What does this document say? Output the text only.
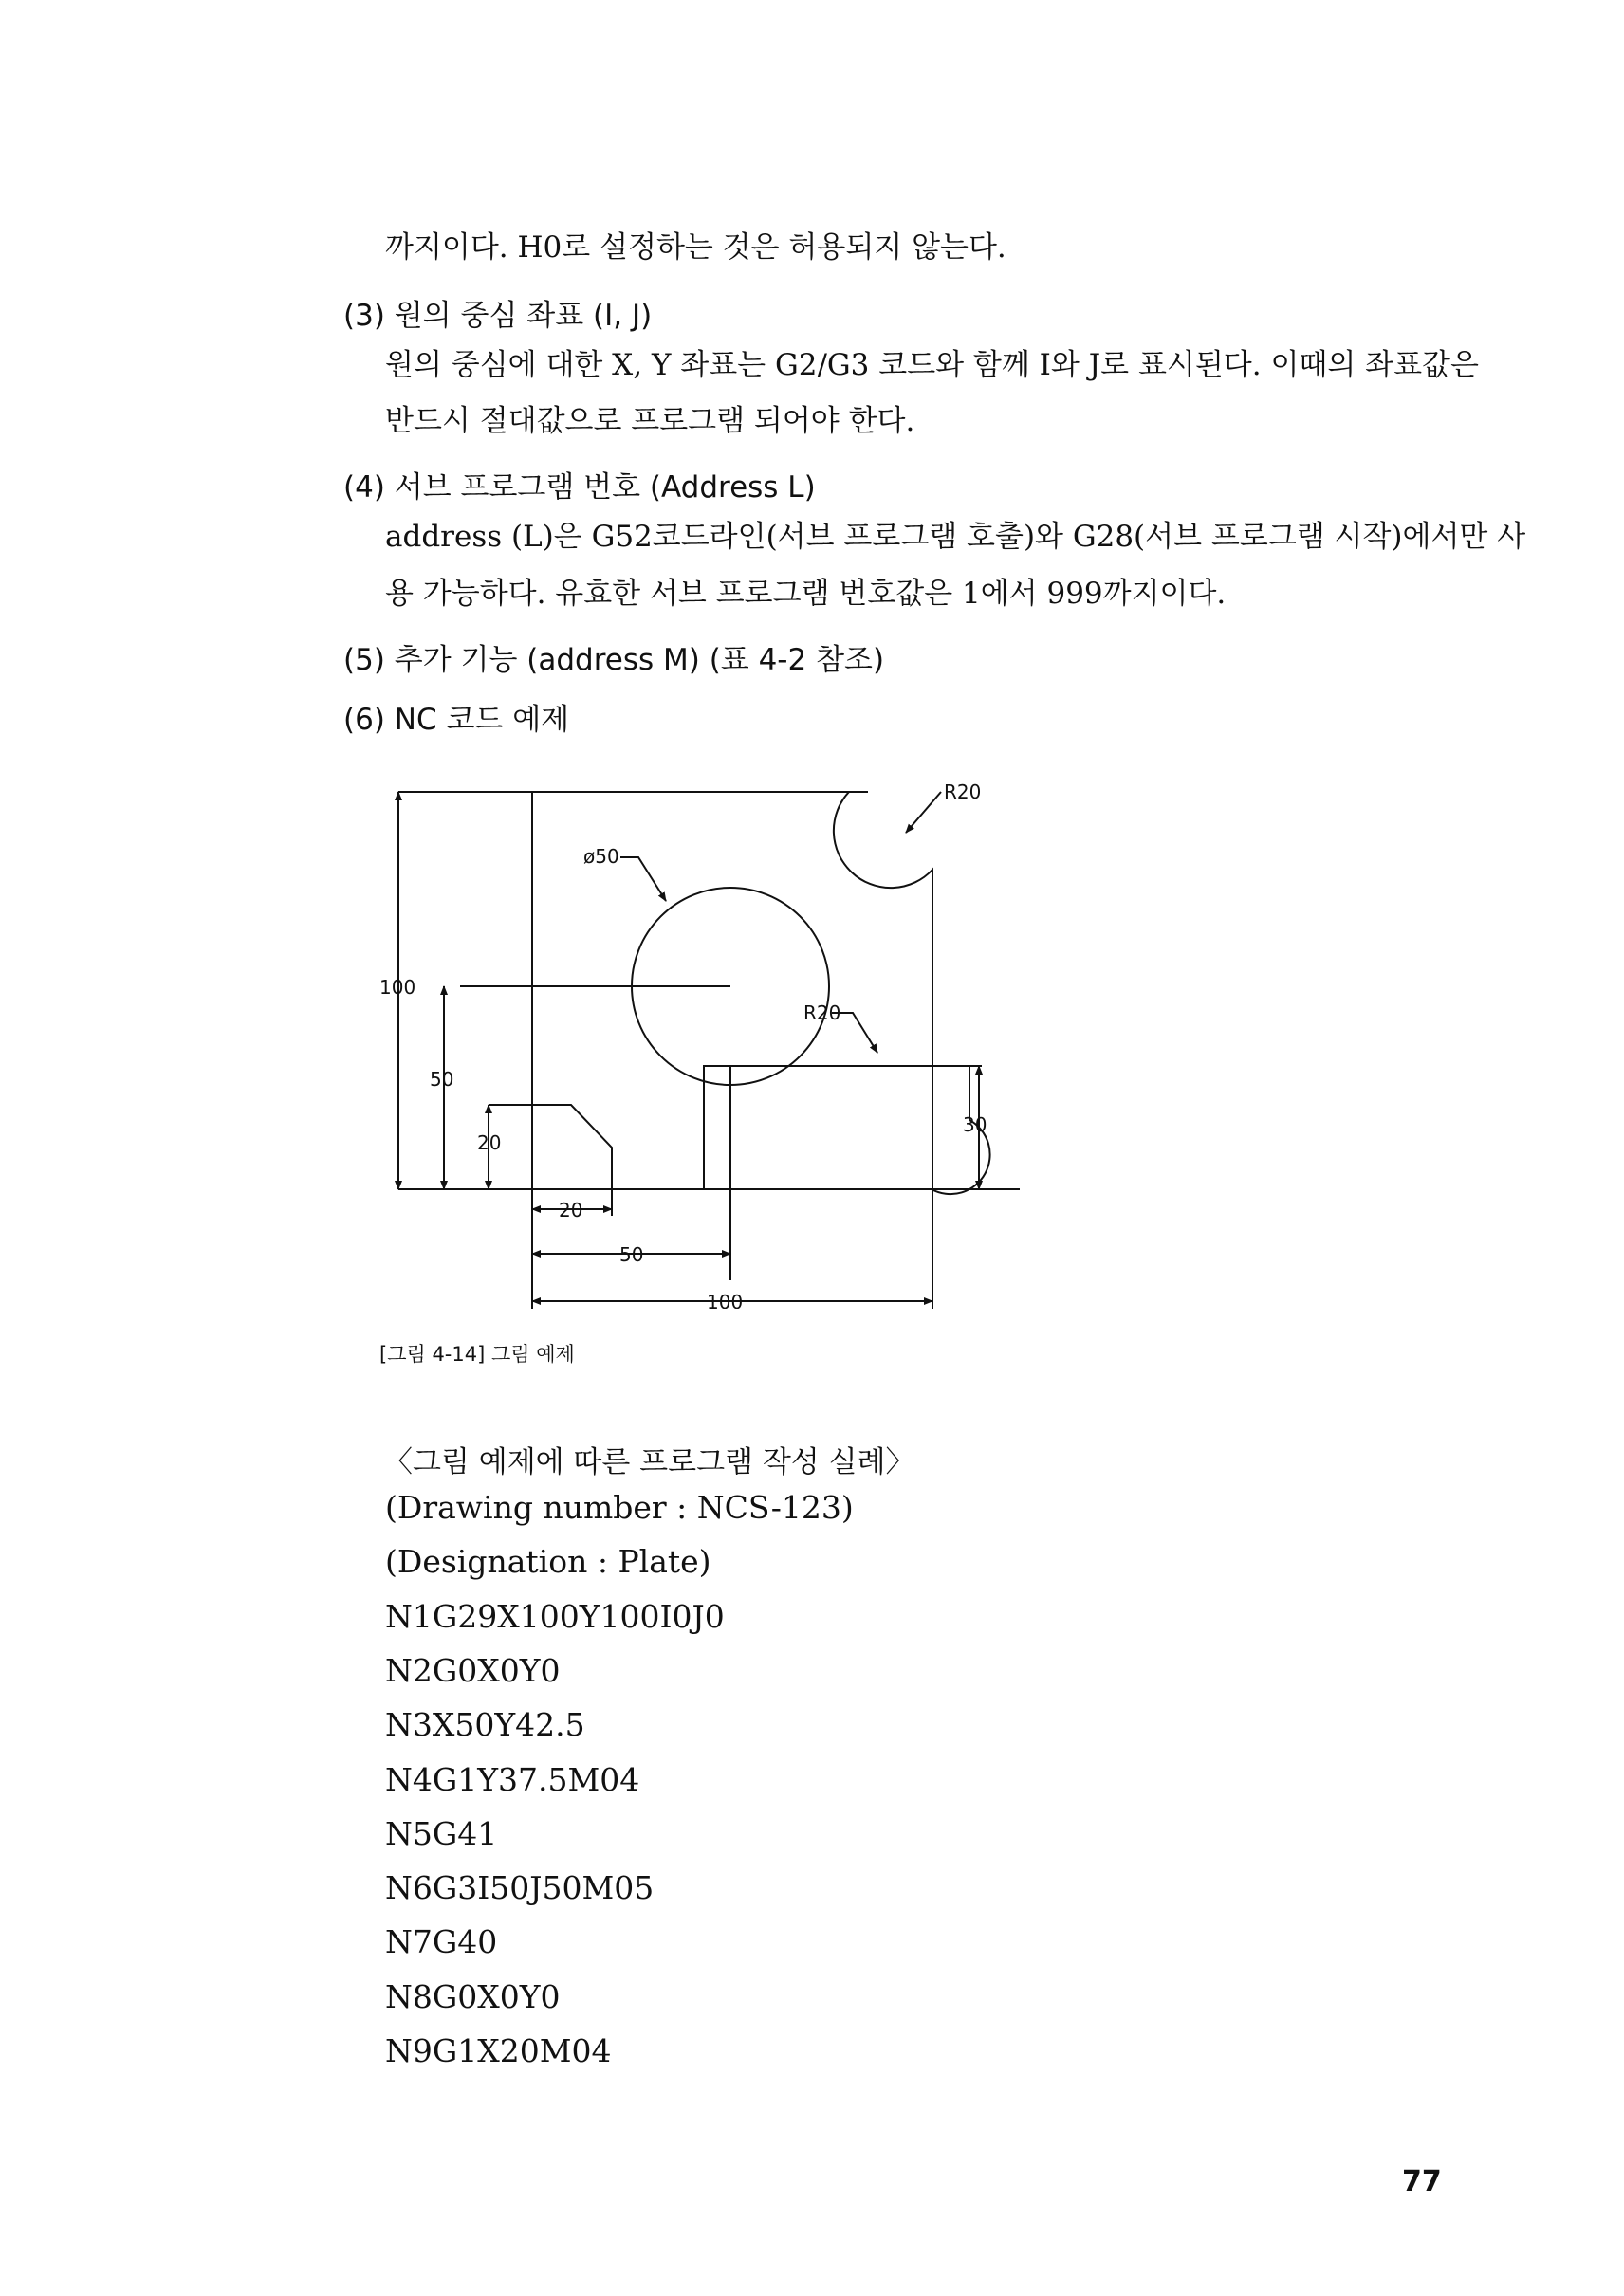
까지이다. H0로 설정하는 것은 허용되지 않는다.
(3) 원의 중심 좌표 (I, J)
원의 중심에 대한 X, Y 좌표는 G2/G3 코드와 함께 I와 J로 표시된다. 이때의 좌표값은
반드시 절대값으로 프로그램 되어야 한다.
(4) 서브 프로그램 번호 (Address L)
address (L)은 G52코드라인(서브 프로그램 호출)와 G28(서브 프로그램 시작)에서만 사
용 가능하다. 유효한 서브 프로그램 번호값은 1에서 999까지이다.
(5) 추가 기능 (address M) (표 4-2 참조)
(6) NC 코드 예제
R20
ø50
100
50
20
R20
30
20
50
100
[그림 4-14] 그림 예제
〈그림 예제에 따른 프로그램 작성 실례〉
(Drawing number : NCS-123)
(Designation : Plate)
N1G29X100Y100I0J0
N2G0X0Y0
N3X50Y42.5
N4G1Y37.5M04
N5G41
N6G3I50J50M05
N7G40
N8G0X0Y0
N9G1X20M04
77
